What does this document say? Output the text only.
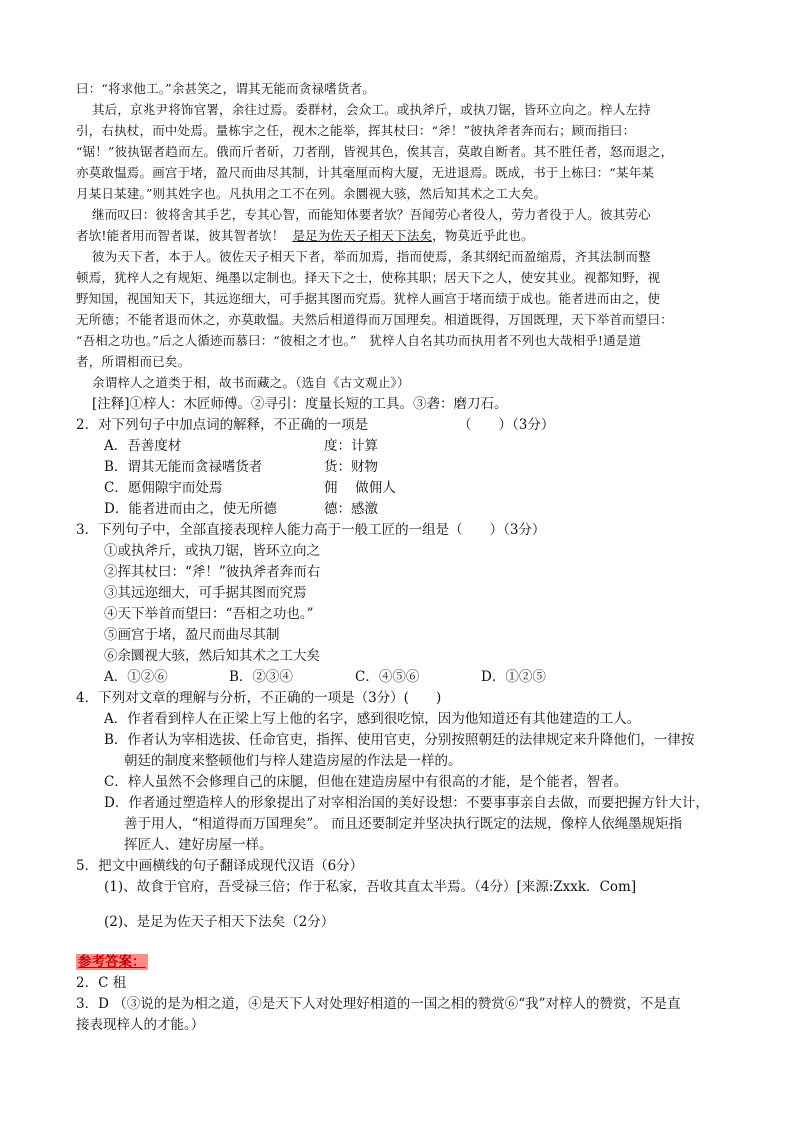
曰：“将求他工。”余甚笑之，谓其无能而贪禄嗜货者。
其后，京兆尹将饰官署，余往过焉。委群材，会众工。或执斧斤，或执刀锯，皆环立向之。梓人左持
引，右执杖，而中处焉。量栋宇之任，视木之能举，挥其杖曰：“斧！”彼执斧者奔而右；顾而指曰：
“锯！”彼执锯者趋而左。俄而斤者斫，刀者削，皆视其色，俟其言，莫敢自断者。其不胜任者，怒而退之，
亦莫敢愠焉。画宫于堵，盈尺而曲尽其制，计其毫厘而构大厦，无进退焉。既成，书于上栋曰：“某年某
月某日某建。”则其姓字也。凡执用之工不在列。余圜视大骇，然后知其术之工大矣。
继而叹曰：彼将舍其手艺，专其心智，而能知体要者欤？吾闻劳心者役人，劳力者役于人。彼其劳心
者欤!能者用而智者谋，彼其智者欤！ 是足为佐天子相天下法矣，物莫近乎此也。
彼为天下者，本于人。彼佐天子相天下者，举而加焉，指而使焉，条其纲纪而盈缩焉，齐其法制而整
顿焉，犹梓人之有规矩、绳墨以定制也。择天下之士，使称其职；居天下之人，使安其业。视都知野，视
野知国，视国知天下，其远迩细大，可手据其图而究焉。犹梓人画宫于堵而绩于成也。能者进而由之，使
无所德；不能者退而休之，亦莫敢愠。夫然后相道得而万国理矣。相道既得，万国既理，天下举首而望曰：
“吾相之功也。”后之人循迹而慕曰：“彼相之才也。”　犹梓人自名其功而执用者不列也大哉相乎!通是道
者，所谓相而已矣。
余谓梓人之道类于相，故书而藏之。（选自《古文观止》）
[注释]①梓人：木匠师傅。②寻引：度量长短的工具。③砻：磨刀石。
2．对下列句子中加点词的解释，不正确的一项是	（　　）（3分）
A．吾善度材	度：计算
B．谓其无能而贪禄嗜货者	货：财物
C．愿佣隙宇而处焉	佣　 做佣人
D．能者进而由之，使无所德	德：感激
3．下列句子中，全部直接表现梓人能力高于一般工匠的一组是（　　）（3分）
①或执斧斤，或执刀锯，皆环立向之
②挥其杖曰：“斧！”彼执斧者奔而右
③其远迩细大，可手据其图而究焉
④天下举首而望曰：“吾相之功也。”
⑤画宫于堵，盈尺而曲尽其制
⑥余圜视大骇，然后知其术之工大矣
A．①②⑥	B．②③④	C．④⑤⑥	D．①②⑤
4．下列对文章的理解与分析，不正确的一项是（3分）(　　)
A．作者看到梓人在正梁上写上他的名字，感到很吃惊，因为他知道还有其他建造的工人。
B．作者认为宰相选拔、任命官吏，指挥、使用官吏，分别按照朝廷的法律规定来升降他们，一律按
朝廷的制度来整顿他们与梓人建造房屋的作法是一样的。
C．梓人虽然不会修理自己的床腿，但他在建造房屋中有很高的才能，是个能者，智者。
D．作者通过塑造梓人的形象提出了对宰相治国的美好设想：不要事事亲自去做，而要把握方针大计，
善于用人，“相道得而万国理矣”。 而且还要制定并坚决执行既定的法规，像梓人依绳墨规矩指
挥匠人、建好房屋一样。
5．把文中画横线的句子翻译成现代汉语（6分）
(1)、故食于官府，吾受禄三倍；作于私家，吾收其直太半焉。（4分）[来源:Zxxk．Com]
(2)、是足为佐天子相天下法矣（2分）
参考答案：
2．C 租
3．D （③说的是为相之道，④是天下人对处理好相道的一国之相的赞赏⑥“我”对梓人的赞赏，不是直
接表现梓人的才能。）
